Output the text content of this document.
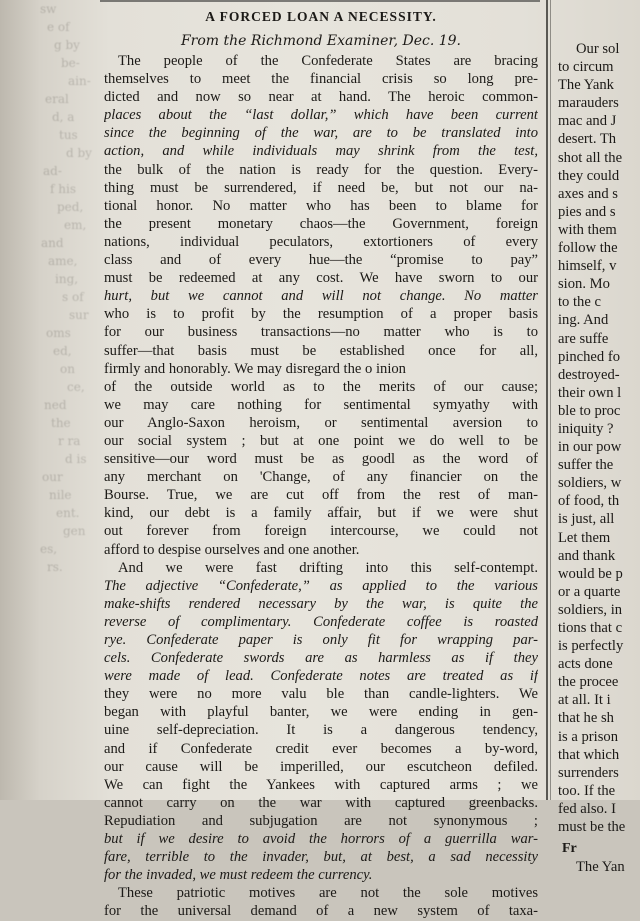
sw
e of
g by
be-
ain-
eral
d, a
tus
d by
ad-
f his
ped,
em,
and
ame,
ing,
s of
sur
oms
ed,
on
ce,
ned
the
r ra
d is
our
nile
ent.
gen
es,
rs.
A FORCED LOAN A NECESSITY.
From the Richmond Examiner, Dec. 19.
The people of the Confederate States are bracing
themselves to meet the financial crisis so long pre-
dicted and now so near at hand. The heroic common-
places about the “last dollar,” which have been current
since the beginning of the war, are to be translated into
action, and while individuals may shrink from the test,
the bulk of the nation is ready for the question. Every-
thing must be surrendered, if need be, but not our na-
tional honor. No matter who has been to blame for
the present monetary chaos—the Government, foreign
nations, individual peculators, extortioners of every
class and of every hue—the “promise to pay”
must be redeemed at any cost. We have sworn to our
hurt, but we cannot and will not change. No matter
who is to profit by the resumption of a proper basis
for our business transactions—no matter who is to
suffer—that basis must be established once for all,
firmly and honorably. We may disregard the o inion
of the outside world as to the merits of our cause;
we may care nothing for sentimental symyathy with
our Anglo-Saxon heroism, or sentimental aversion to
our social system ; but at one point we do well to be
sensitive—our word must be as goodl as the word of
any merchant on 'Change, of any financier on the
Bourse. True, we are cut off from the rest of man-
kind, our debt is a family affair, but if we were shut
out forever from foreign intercourse, we could not
afford to despise ourselves and one another.
And we were fast drifting into this self-contempt.
The adjective “Confederate,” as applied to the various
make-shifts rendered necessary by the war, is quite the
reverse of complimentary. Confederate coffee is roasted
rye. Confederate paper is only fit for wrapping par-
cels. Confederate swords are as harmless as if they
were made of lead. Confederate notes are treated as if
they were no more valu ble than candle-lighters. We
began with playful banter, we were ending in gen-
uine self-depreciation. It is a dangerous tendency,
and if Confederate credit ever becomes a by-word,
our cause will be imperilled, our escutcheon defiled.
We can fight the Yankees with captured arms ; we
cannot carry on the war with captured greenbacks.
Repudiation and subjugation are not synonymous ;
but if we desire to avoid the horrors of a guerrilla war-
fare, terrible to the invader, but, at best, a sad necessity
for the invaded, we must redeem the currency.
These patriotic motives are not the sole motives
for the universal demand of a new system of taxa-
Our sol
to circum
The Yank
marauders
mac and J
desert. Th
shot all the
they could
axes and s
pies and s
with them
follow the
himself, v
sion. Mo
to the c
ing. And
are suffe
pinched fo
destroyed-
their own l
ble to proc
iniquity ?
in our pow
suffer the
soldiers, w
of food, th
is just, all
Let them
and thank
would be p
or a quarte
soldiers, in
tions that c
is perfectly
acts done
the procee
at all. It i
that he sh
is a prison
that which
surrenders
too. If the
fed also. I
must be the
Fr
The Yan
